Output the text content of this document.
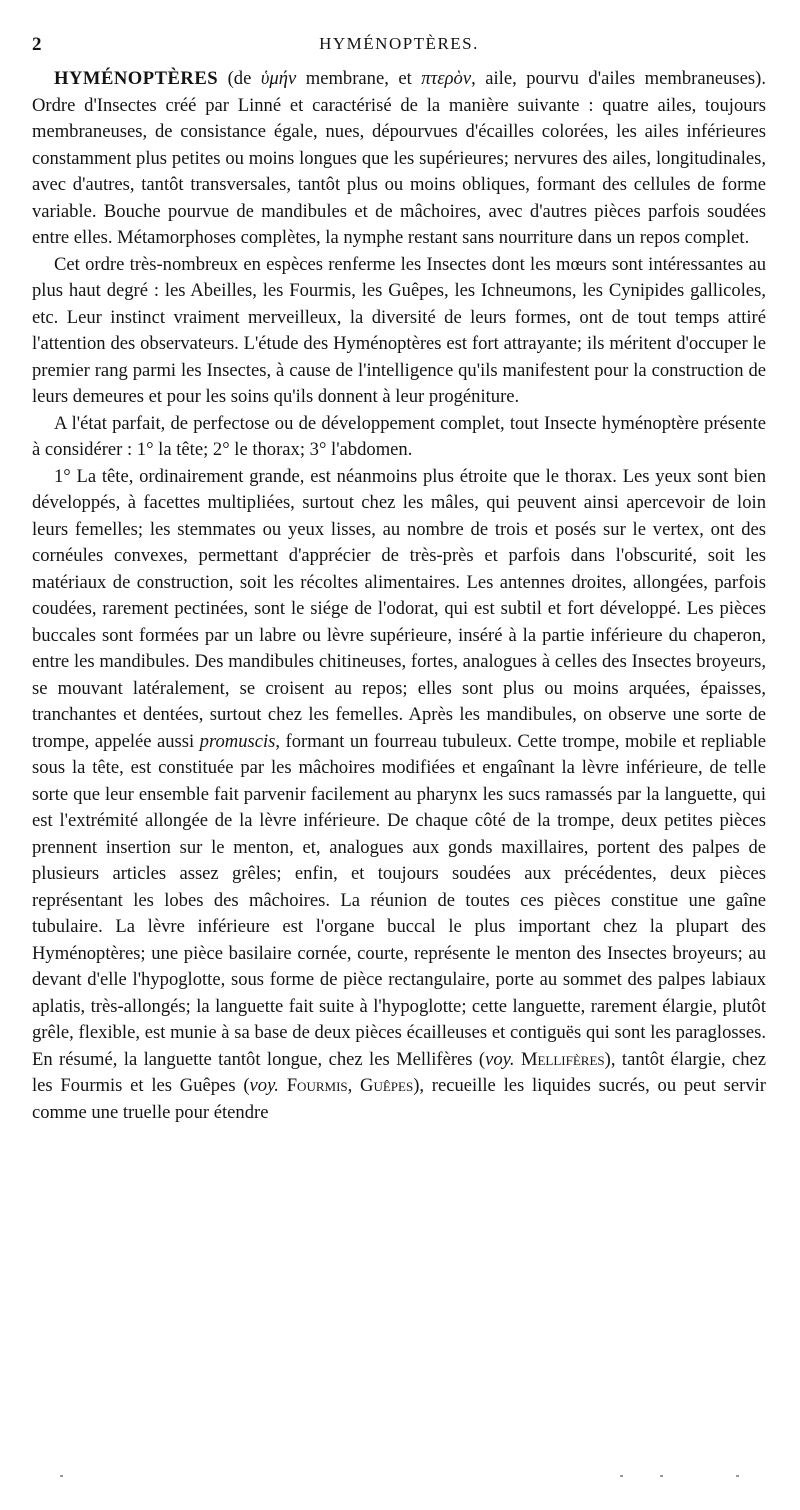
2	HYMÉNOPTÈRES.

HYMÉNOPTÈRES (de ὑμήν membrane, et πτερὸν, aile, pourvu d'ailes membraneuses). Ordre d'Insectes créé par Linné et caractérisé de la manière suivante : quatre ailes, toujours membraneuses, de consistance égale, nues, dépourvues d'écailles colorées, les ailes inférieures constamment plus petites ou moins longues que les supérieures; nervures des ailes, longitudinales, avec d'autres, tantôt transversales, tantôt plus ou moins obliques, formant des cellules de forme variable. Bouche pourvue de mandibules et de mâchoires, avec d'autres pièces parfois soudées entre elles. Métamorphoses complètes, la nymphe restant sans nourriture dans un repos complet.

Cet ordre très-nombreux en espèces renferme les Insectes dont les mœurs sont intéressantes au plus haut degré : les Abeilles, les Fourmis, les Guêpes, les Ichneumons, les Cynipides gallicoles, etc. Leur instinct vraiment merveilleux, la diversité de leurs formes, ont de tout temps attiré l'attention des observateurs. L'étude des Hyménoptères est fort attrayante; ils méritent d'occuper le premier rang parmi les Insectes, à cause de l'intelligence qu'ils manifestent pour la construction de leurs demeures et pour les soins qu'ils donnent à leur progéniture.

A l'état parfait, de perfectose ou de développement complet, tout Insecte hyménoptère présente à considérer : 1° la tête; 2° le thorax; 3° l'abdomen.

1° La tête, ordinairement grande, est néanmoins plus étroite que le thorax. Les yeux sont bien développés, à facettes multipliées, surtout chez les mâles, qui peuvent ainsi apercevoir de loin leurs femelles; les stemmates ou yeux lisses, au nombre de trois et posés sur le vertex, ont des cornéules convexes, permettant d'apprécier de très-près et parfois dans l'obscurité, soit les matériaux de construction, soit les récoltes alimentaires. Les antennes droites, allongées, parfois coudées, rarement pectinées, sont le siége de l'odorat, qui est subtil et fort développé. Les pièces buccales sont formées par un labre ou lèvre supérieure, inséré à la partie inférieure du chaperon, entre les mandibules. Des mandibules chitineuses, fortes, analogues à celles des Insectes broyeurs, se mouvant latéralement, se croisent au repos; elles sont plus ou moins arquées, épaisses, tranchantes et dentées, surtout chez les femelles. Après les mandibules, on observe une sorte de trompe, appelée aussi promuscis, formant un fourreau tubuleux. Cette trompe, mobile et repliable sous la tête, est constituée par les mâchoires modifiées et engaînant la lèvre inférieure, de telle sorte que leur ensemble fait parvenir facilement au pharynx les sucs ramassés par la languette, qui est l'extrémité allongée de la lèvre inférieure. De chaque côté de la trompe, deux petites pièces prennent insertion sur le menton, et, analogues aux gonds maxillaires, portent des palpes de plusieurs articles assez grêles; enfin, et toujours soudées aux précédentes, deux pièces représentant les lobes des mâchoires. La réunion de toutes ces pièces constitue une gaîne tubulaire. La lèvre inférieure est l'organe buccal le plus important chez la plupart des Hyménoptères; une pièce basilaire cornée, courte, représente le menton des Insectes broyeurs; au devant d'elle l'hypoglotte, sous forme de pièce rectangulaire, porte au sommet des palpes labiaux aplatis, très-allongés; la languette fait suite à l'hypoglotte; cette languette, rarement élargie, plutôt grêle, flexible, est munie à sa base de deux pièces écailleuses et contiguës qui sont les paraglosses. En résumé, la languette tantôt longue, chez les Mellifères (voy. Mellifères), tantôt élargie, chez les Fourmis et les Guêpes (voy. Fourmis, Guêpes), recueille les liquides sucrés, ou peut servir comme une truelle pour étendre
